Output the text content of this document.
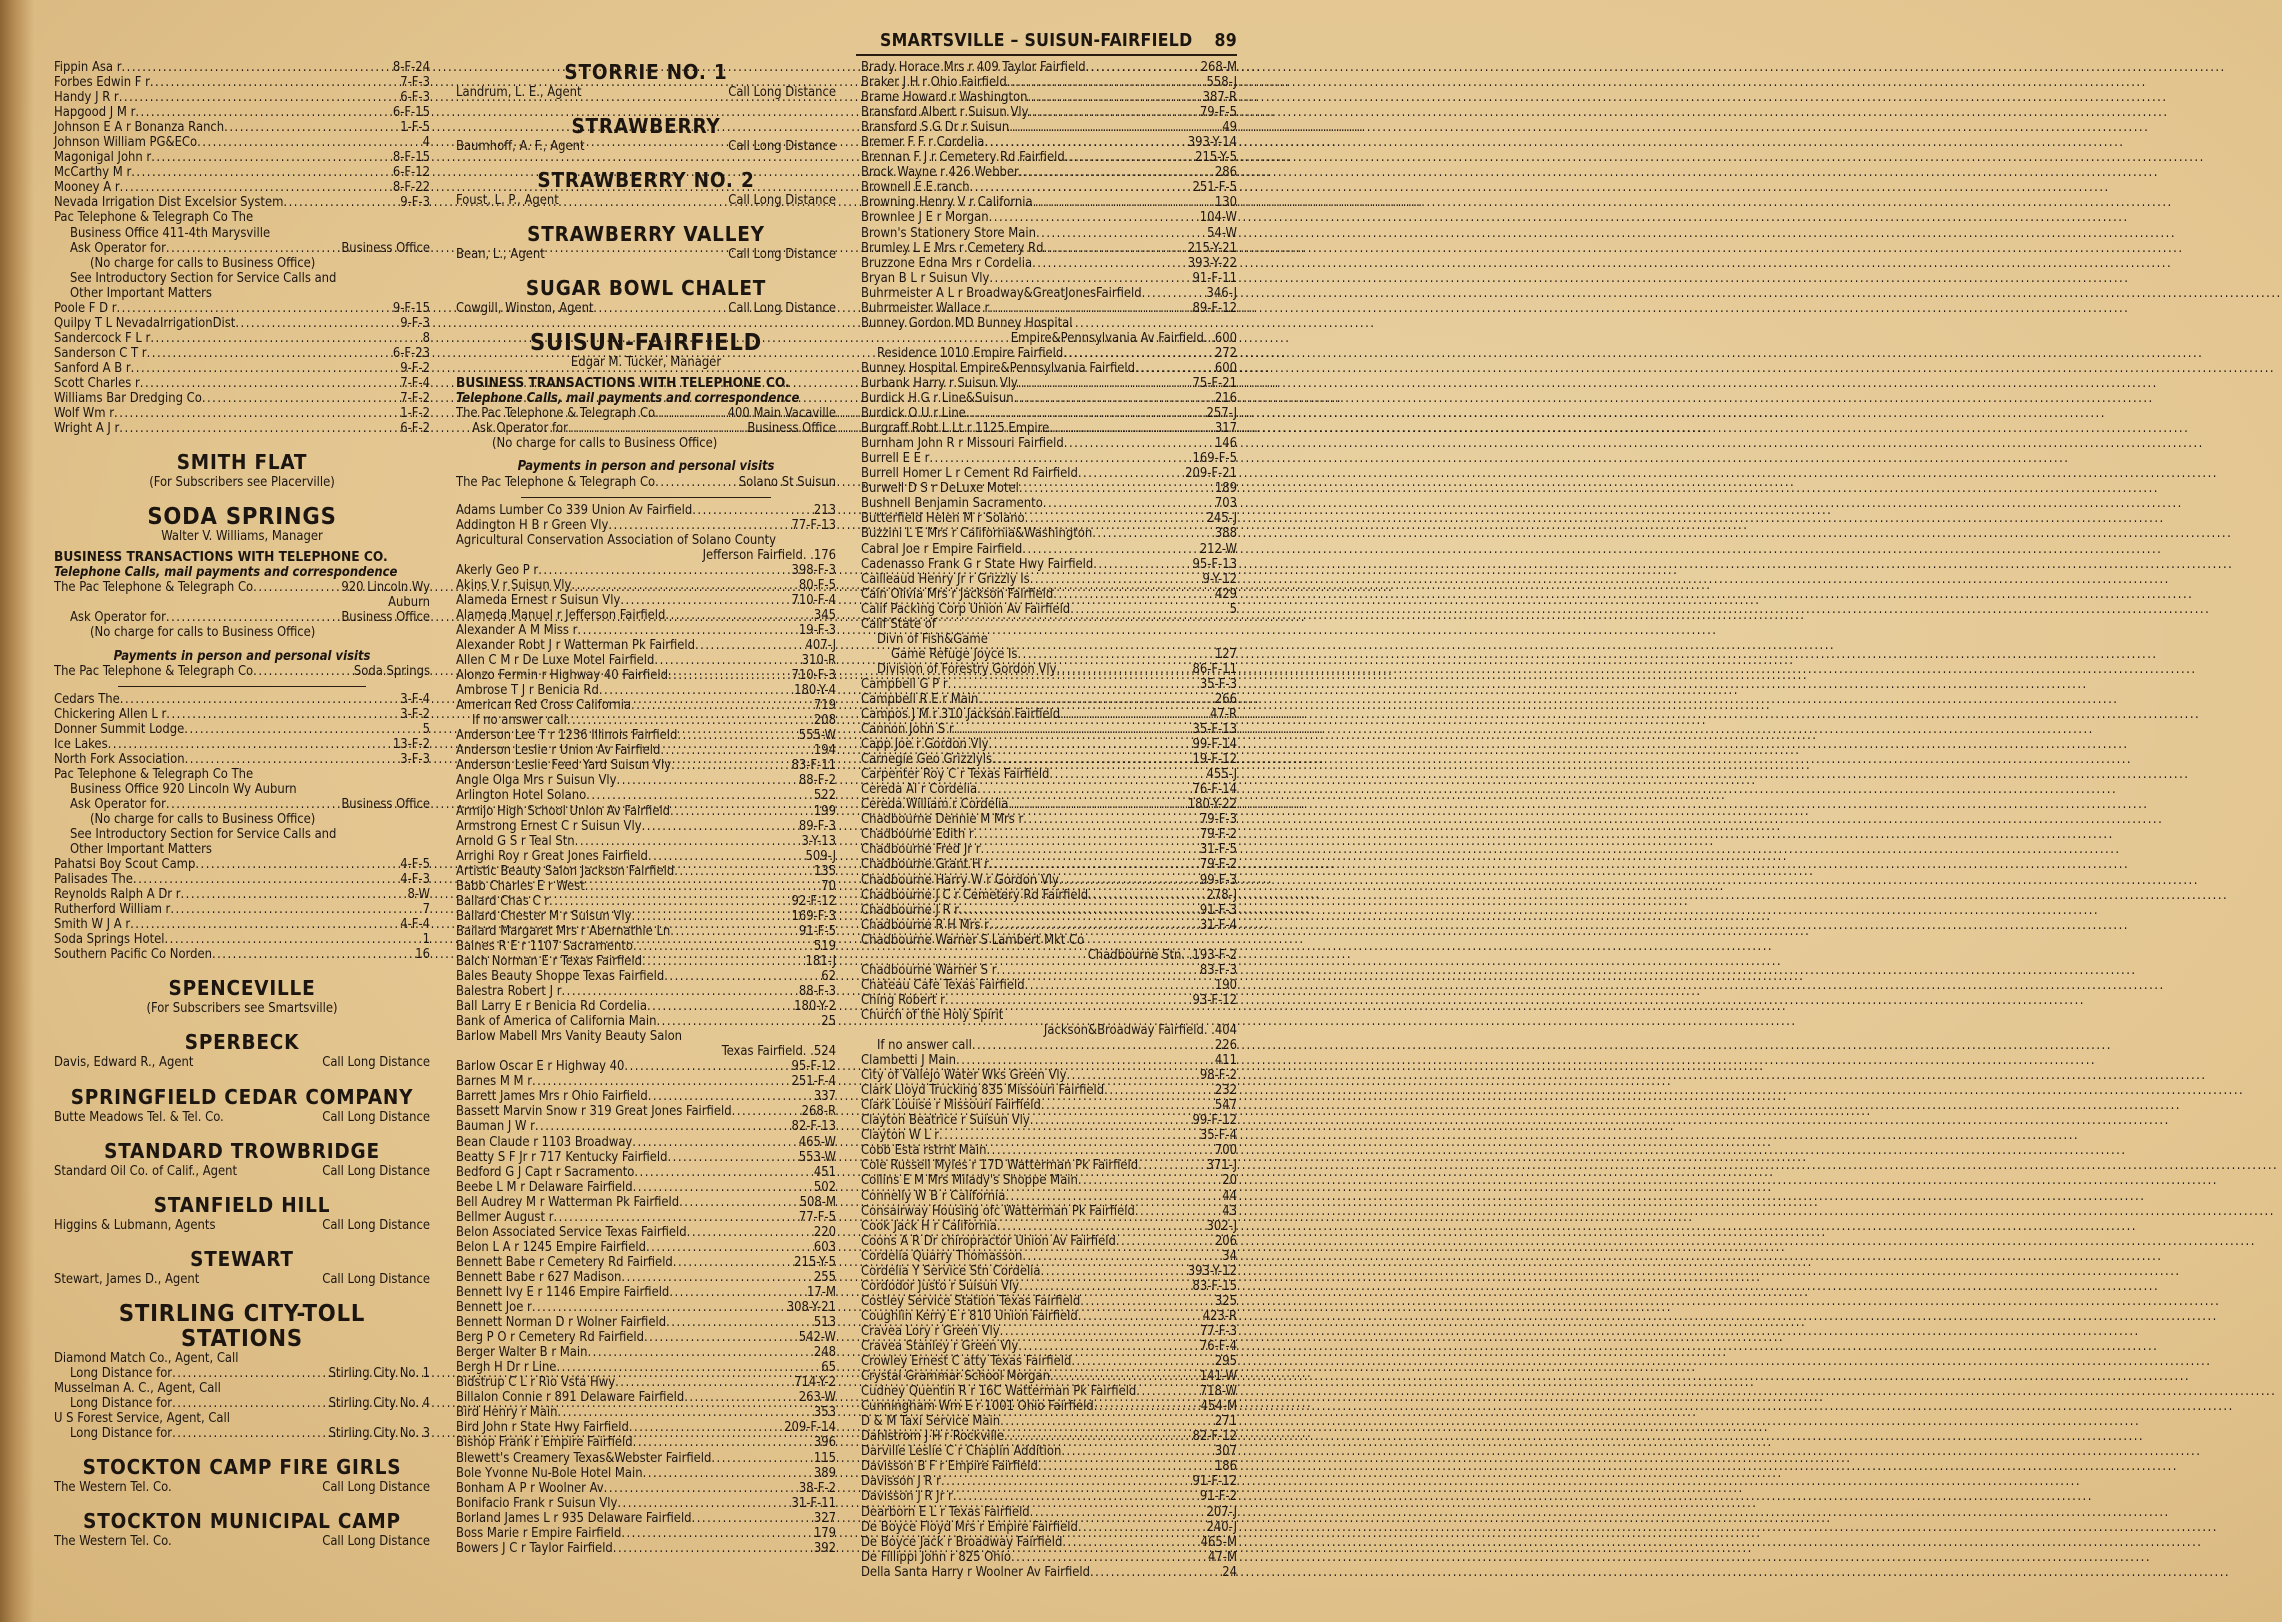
SMARTSVILLE – SUISUN-FAIRFIELD 89
Fippin Asa r .....	8-F-24
Forbes Edwin F r .....	7-F-3
Handy J R r .....	6-F-3
Hapgood J M r .....	6-F-15
Johnson E A r Bonanza Ranch .....	1-F-5
Johnson William PG&ECo .....	4
Magonigal John r .....	8-F-15
McCarthy M r .....	6-F-12
Mooney A r .....	8-F-22
Nevada Irrigation Dist Excelsior System .....	9-F-3
Pac Telephone & Telegraph Co The
Business Office 411-4th Marysville
Ask Operator for .....	Business Office
(No charge for calls to Business Office)
See Introductory Section for Service Calls and
Other Important Matters
Poole F D r .....	9-F-15
Quilpy T L NevadaIrrigationDist .....	9-F-3
Sandercock F L r .....	8
Sanderson C T r .....	6-F-23
Sanford A B r .....	9-F-2
Scott Charles r .....	7-F-4
Williams Bar Dredging Co .....	7-F-2
Wolf Wm r .....	1-F-2
Wright A J r .....	6-F-2
SMITH FLAT
(For Subscribers see Placerville)
SODA SPRINGS
Walter V. Williams, Manager
BUSINESS TRANSACTIONS WITH TELEPHONE CO.
Telephone Calls, mail payments and correspondence
The Pac Telephone & Telegraph Co .....	920 Lincoln Wy
Auburn
Ask Operator for .....	Business Office
(No charge for calls to Business Office)
Payments in person and personal visits
The Pac Telephone & Telegraph Co .....	Soda Springs
Cedars The .....	3-F-4
Chickering Allen L r .....	3-F-2
Donner Summit Lodge .....	5
Ice Lakes .....	13-F-2
North Fork Association .....	3-F-3
Pac Telephone & Telegraph Co The
Business Office 920 Lincoln Wy Auburn
Ask Operator for .....	Business Office
(No charge for calls to Business Office)
See Introductory Section for Service Calls and
Other Important Matters
Pahatsi Boy Scout Camp .....	4-F-5
Palisades The .....	4-F-3
Reynolds Ralph A Dr r .....	8-W
Rutherford William r .....	7
Smith W J A r .....	4-F-4
Soda Springs Hotel .....	1
Southern Pacific Co Norden .....	16
SPENCEVILLE
(For Subscribers see Smartsville)
SPERBECK
Davis, Edward R., Agent	Call Long Distance
SPRINGFIELD CEDAR COMPANY
Butte Meadows Tel. & Tel. Co.	Call Long Distance
STANDARD TROWBRIDGE
Standard Oil Co. of Calif., Agent	Call Long Distance
STANFIELD HILL
Higgins & Lubmann, Agents	Call Long Distance
STEWART
Stewart, James D., Agent	Call Long Distance
STIRLING CITY-TOLL STATIONS
Diamond Match Co., Agent, Call
Long Distance for .....	Stirling City No. 1
Musselman A. C., Agent, Call
Long Distance for .....	Stirling City No. 4
U S Forest Service, Agent, Call
Long Distance for .....	Stirling City No. 3
STOCKTON CAMP FIRE GIRLS
The Western Tel. Co.	Call Long Distance
STOCKTON MUNICIPAL CAMP
The Western Tel. Co.	Call Long Distance
STORRIE NO. 1
Landrum, L. E., Agent	Call Long Distance
STRAWBERRY
Baumhoff, A. F., Agent	Call Long Distance
STRAWBERRY NO. 2
Foust, L. P., Agent	Call Long Distance
STRAWBERRY VALLEY
Bean, L., Agent	Call Long Distance
SUGAR BOWL CHALET
Cowgill, Winston, Agent	Call Long Distance
SUISUN-FAIRFIELD
Edgar M. Tucker, Manager
BUSINESS TRANSACTIONS WITH TELEPHONE CO.
Telephone Calls, mail payments and correspondence
The Pac Telephone & Telegraph Co .....	400 Main Vacaville
Ask Operator for .....	Business Office
(No charge for calls to Business Office)
Payments in person and personal visits
The Pac Telephone & Telegraph Co .....	Solano St Suisun
Adams Lumber Co 339 Union Av Fairfield .....	213
Addington H B r Green Vly .....	77-F-13
Agricultural Conservation Association of Solano County
Jefferson Fairfield. .176
Akerly Geo P r .....	398-F-3
Akins V r Suisun Vly .....	80-F-5
Alameda Ernest r Suisun Vly .....	710-F-4
Alameda Manuel r Jefferson Fairfield .....	345
Alexander A M Miss r .....	19-F-3
Alexander Robt J r Watterman Pk Fairfield .....	407-J
Allen C M r De Luxe Motel Fairfield .....	310-R
Alonzo Fermin r Highway 40 Fairfield .....	710-F-3
Ambrose T J r Benicia Rd .....	180-Y-4
American Red Cross California .....	719
If no answer call .....	208
Anderson Lee T r 1236 Illinois Fairfield .....	555-W
Anderson Leslie r Union Av Fairfield .....	194
Anderson Leslie Feed Yard Suisun Vly .....	83-F-11
Angle Olga Mrs r Suisun Vly .....	88-F-2
Arlington Hotel Solano .....	522
Armijo High School Union Av Fairfield .....	199
Armstrong Ernest C r Suisun Vly .....	89-F-3
Arnold G S r Teal Stn .....	3-Y-13
Arrighi Roy r Great Jones Fairfield .....	509-J
Artistic Beauty Salon Jackson Fairfield .....	135
Babb Charles E r West .....	70
Bailard Chas C r .....	92-F-12
Bailard Chester M r Suisun Vly .....	169-F-3
Bailard Margaret Mrs r Abernathie Ln .....	91-F-5
Baines R E r 1107 Sacramento .....	519
Balch Norman E r Texas Fairfield .....	181-J
Bales Beauty Shoppe Texas Fairfield .....	62
Balestra Robert J r .....	88-F-3
Ball Larry E r Benicia Rd Cordelia .....	180-Y-2
Bank of America of California Main .....	25
Barlow Mabell Mrs Vanity Beauty Salon
Texas Fairfield. .524
Barlow Oscar E r Highway 40 .....	95-F-12
Barnes M M r .....	251-F-4
Barrett James Mrs r Ohio Fairfield .....	337
Bassett Marvin Snow r 319 Great Jones Fairfield .....	268-R
Bauman J W r .....	82-F-13
Bean Claude r 1103 Broadway .....	465-W
Beatty S F Jr r 717 Kentucky Fairfield .....	553-W
Bedford G J Capt r Sacramento .....	451
Beebe L M r Delaware Fairfield .....	502
Bell Audrey M r Watterman Pk Fairfield .....	508-M
Bellmer August r .....	77-F-5
Belon Associated Service Texas Fairfield .....	220
Belon L A r 1245 Empire Fairfield .....	603
Bennett Babe r Cemetery Rd Fairfield .....	215-Y-5
Bennett Babe r 627 Madison .....	255
Bennett Ivy E r 1146 Empire Fairfield .....	17-M
Bennett Joe r .....	308-Y-21
Bennett Norman D r Wolner Fairfield .....	513
Berg P O r Cemetery Rd Fairfield .....	542-W
Berger Walter B r Main .....	248
Bergh H Dr r Line .....	65
Bidstrup C L r Rio Vsta Hwy .....	714-Y-2
Billalon Connie r 891 Delaware Fairfield .....	263-W
Bird Henry r Main .....	353
Bird John r State Hwy Fairfield .....	209-F-14
Bishop Frank r Empire Fairfield .....	396
Blewett's Creamery Texas&Webster Fairfield .....	115
Bole Yvonne Nu-Bole Hotel Main .....	389
Bonham A P r Woolner Av .....	38-F-2
Bonifacio Frank r Suisun Vly .....	31-F-11
Borland James L r 935 Delaware Fairfield .....	327
Boss Marie r Empire Fairfield .....	179
Bowers J C r Taylor Fairfield .....	392
Brady Horace Mrs r 409 Taylor Fairfield .....	268-M
Braker J H r Ohio Fairfield .....	558-J
Brame Howard r Washington .....	387-R
Bransford Albert r Suisun Vly .....	79-F-5
Bransford S G Dr r Suisun .....	49
Bremer F F r Cordelia .....	393-Y-14
Brennan F J r Cemetery Rd Fairfield .....	215-Y-5
Brock Wayne r 426 Webber .....	286
Brownell E E ranch .....	251-F-5
Browning Henry V r California .....	130
Brownlee J E r Morgan .....	104-W
Brown's Stationery Store Main .....	54-W
Brumley L E Mrs r Cemetery Rd .....	215-Y-21
Bruzzone Edna Mrs r Cordelia .....	393-Y-22
Bryan B L r Suisun Vly .....	91-F-11
Buhrmeister A L r Broadway&GreatJonesFairfield .....	346-J
Buhrmeister Wallace r .....	89-F-12
Bunney Gordon MD Bunney Hospital
Empire&Pennsylvania Av Fairfield. .600
Residence 1010 Empire Fairfield .....	272
Bunney Hospital Empire&Pennsylvania Fairfield .....	600
Burbank Harry r Suisun Vly .....	75-F-21
Burdick H G r Line&Suisun .....	216
Burdick O U r Line .....	257-J
Burgraff Robt L Lt r 1125 Empire .....	317
Burnham John R r Missouri Fairfield .....	146
Burrell E E r .....	169-F-5
Burrell Homer L r Cement Rd Fairfield .....	209-F-21
Burwell D S r DeLuxe Motel .....	189
Bushnell Benjamin Sacramento .....	703
Butterfield Helen M r Solano .....	245-J
Buzzini L E Mrs r California&Washington .....	388
Cabral Joe r Empire Fairfield .....	212-W
Cadenasso Frank G r State Hwy Fairfield .....	95-F-13
Cailleaud Henry Jr r Grizzly Is .....	9-Y-12
Cain Olivia Mrs r Jackson Fairfield .....	429
Calif Packing Corp Union Av Fairfield .....	5
Calif State of
Divn of Fish&Game
Game Refuge Joyce Is .....	127
Division of Forestry Gordon Vly .....	86-F-11
Campbell G P r .....	35-F-3
Campbell R E r Main .....	266
Campos J M r 310 Jackson Fairfield .....	47-R
Cannon John S r .....	35-F-13
Capp Joe r Gordon Vly .....	99-F-14
Carnegie Geo Grizzlyls .....	19-F-12
Carpenter Roy C r Texas Fairfield .....	455-J
Cereda Al r Cordelia .....	76-F-14
Cereda William r Cordelia .....	180-Y-22
Chadbourne Dennie M Mrs r .....	79-F-3
Chadbourne Edith r .....	79-F-2
Chadbourne Fred Jr r .....	31-F-5
Chadbourne Grant H r .....	79-F-2
Chadbourne Harry W r Gordon Vly .....	99-F-3
Chadbourne J C r Cemetery Rd Fairfield .....	278-J
Chadbourne J R r .....	91-F-3
Chadbourne R H Mrs r .....	31-F-4
Chadbourne Warner S Lambert Mkt Co
Chadbourne Stn. .193-F-2
Chadbourne Warner S r .....	83-F-3
Chateau Cafe Texas Fairfield .....	190
Ching Robert r .....	93-F-12
Church of the Holy Spirit
Jackson&Broadway Fairfield. .404
If no answer call .....	226
Clambetti J Main .....	411
City of Vallejo Water Wks Green Vly .....	98-F-2
Clark Lloyd Trucking 835 Missouri Fairfield .....	232
Clark Louise r Missouri Fairfield .....	547
Clayton Beatrice r Suisun Vly .....	99-F-12
Clayton W L r .....	35-F-4
Cobb Esta rstrnt Main .....	700
Cole Russell Myles r 17D Watterman Pk Fairfield .....	371-J
Collins E M Mrs Milady's Shoppe Main .....	20
Connelly W B r California .....	44
Consairway Housing ofc Watterman Pk Fairfield .....	43
Cook Jack H r California .....	302-J
Coons A R Dr chiropractor Union Av Fairfield .....	206
Cordelia Quarry Thomasson .....	34
Cordelia Y Service Stn Cordelia .....	393-Y-12
Cordodor Justo r Suisun Vly .....	83-F-15
Costley Service Station Texas Fairfield .....	325
Coughlin Kerry E r 810 Union Fairfield .....	423-R
Cravea Lory r Green Vly .....	77-F-3
Cravea Stanley r Green Vly .....	76-F-4
Crowley Ernest C atty Texas Fairfield .....	295
Crystal Grammar School Morgan .....	141-W
Cudney Quentin R r 16C Watterman Pk Fairfield .....	718-W
Cunningham Wm E r 1001 Ohio Fairfield .....	454-M
D & M Taxi Service Main .....	271
Dahlstrom J H r Rockville .....	82-F-12
Darville Leslie C r Chaplin Addition .....	307
Davisson B F r Empire Fairfield .....	186
Davisson J R r .....	91-F-12
Davisson J R Jr r .....	91-F-2
Dearborn E L r Texas Fairfield .....	207-J
De Boyce Floyd Mrs r Empire Fairfield .....	240-J
De Boyce Jack r Broadway Fairfield .....	465-M
De Fillippi John r 825 Ohio .....	47-M
Della Santa Harry r Woolner Av Fairfield .....	24
